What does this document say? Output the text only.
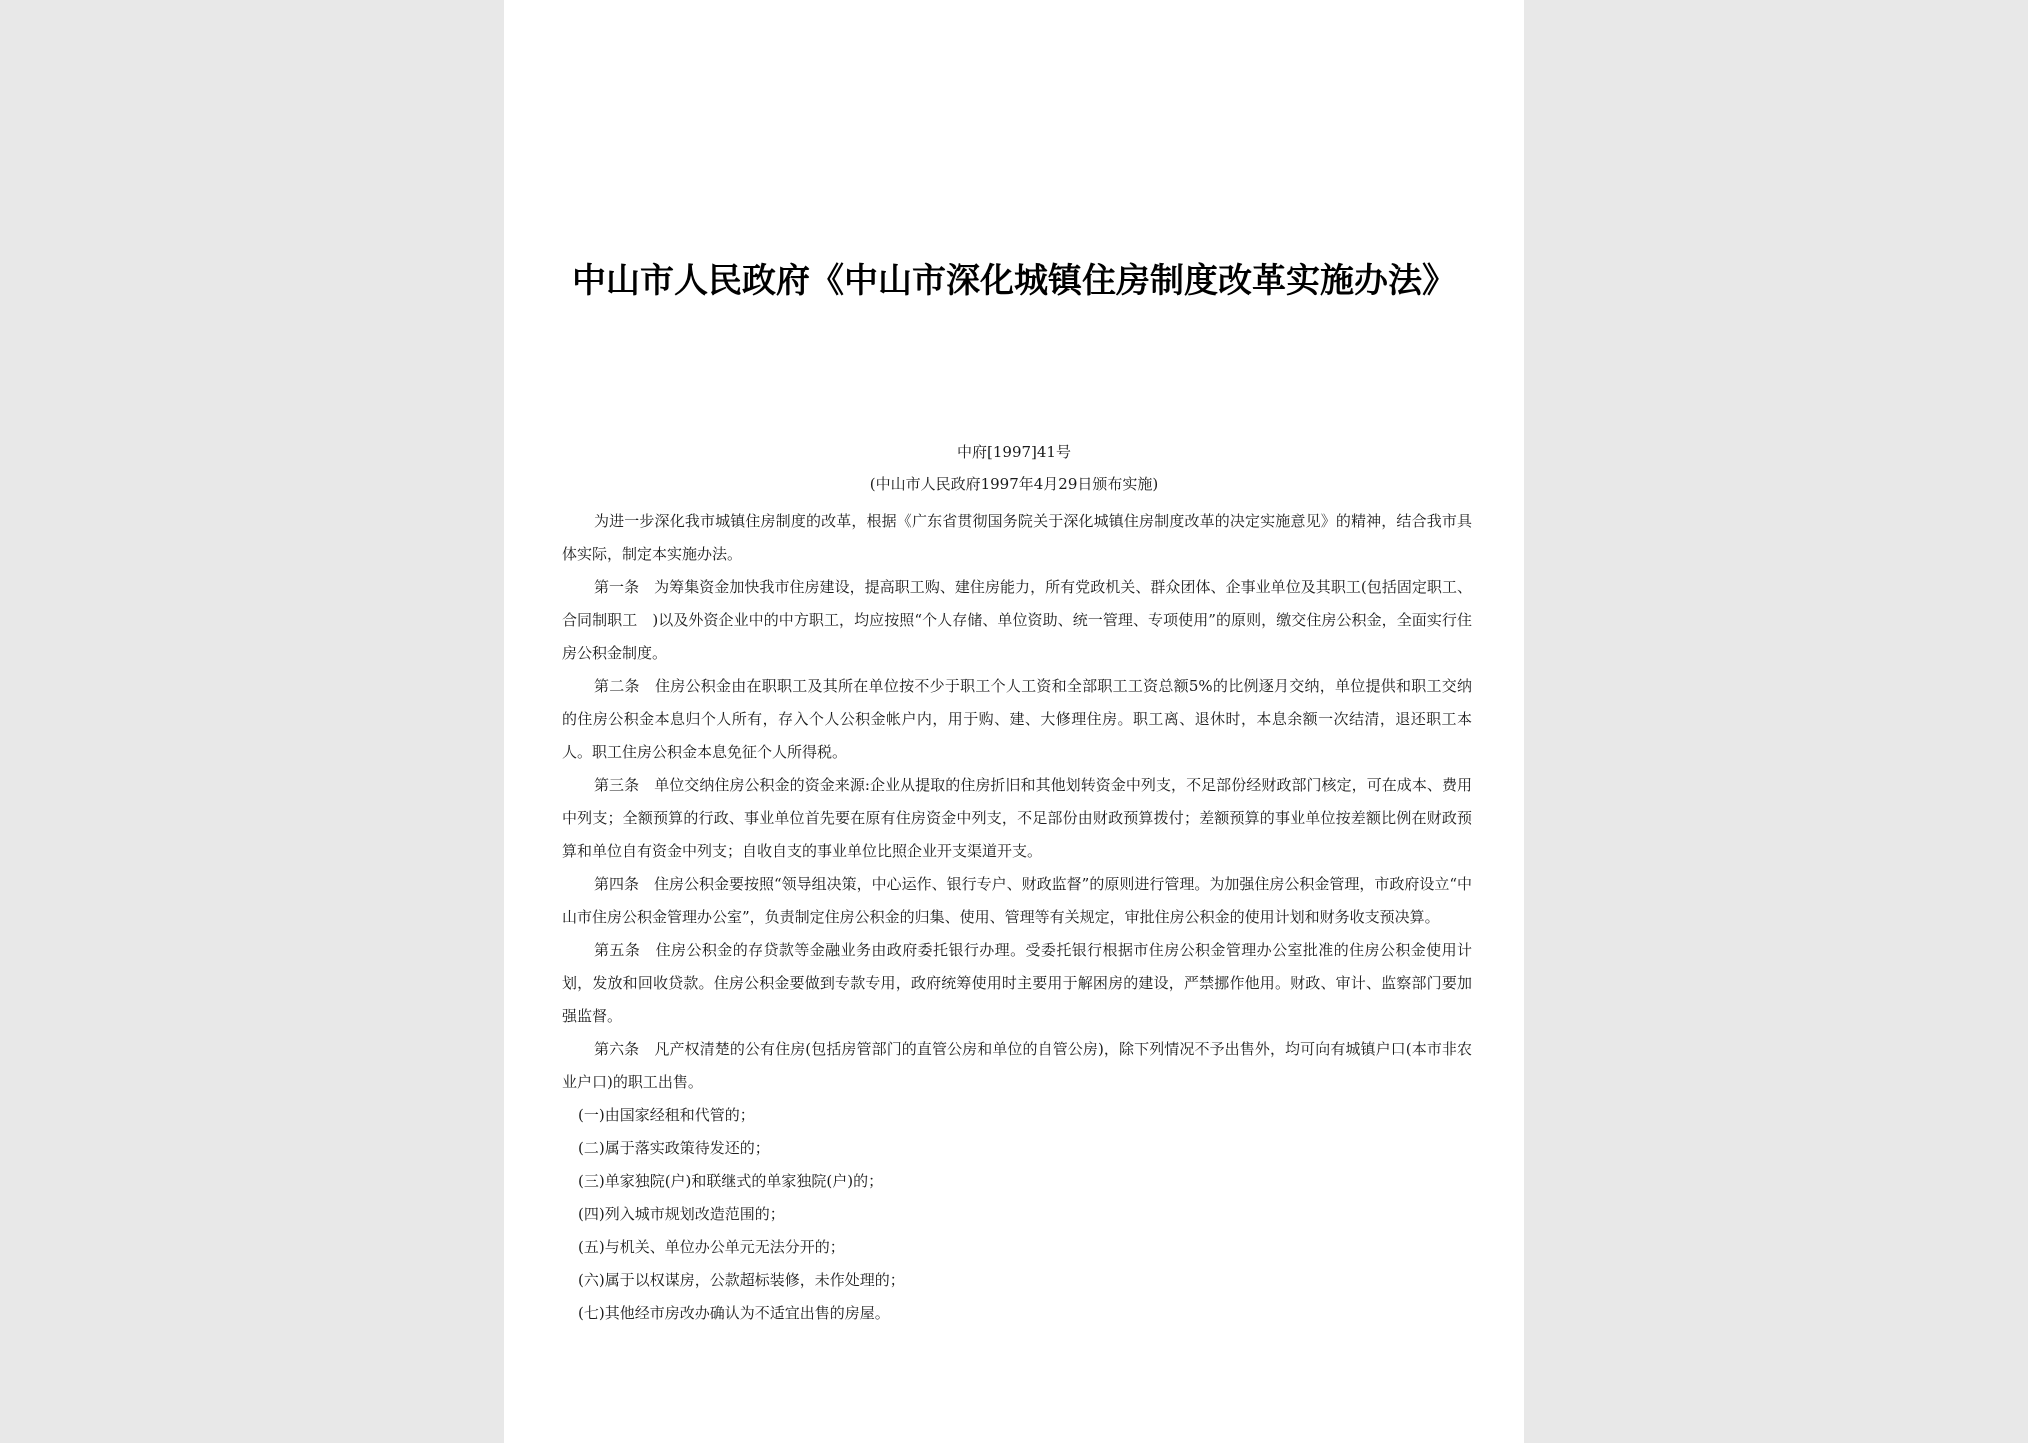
中山市人民政府《中山市深化城镇住房制度改革实施办法》
中府[1997]41号
(中山市人民政府1997年4月29日颁布实施)

为进一步深化我市城镇住房制度的改革，根据《广东省贯彻国务院关于深化城镇住房制度改革的决定实施意见》的精神，结合我市具体实际，制定本实施办法。

第一条　为筹集资金加快我市住房建设，提高职工购、建住房能力，所有党政机关、群众团体、企事业单位及其职工(包括固定职工、合同制职工　)以及外资企业中的中方职工，均应按照“个人存储、单位资助、统一管理、专项使用”的原则，缴交住房公积金，全面实行住房公积金制度。

第二条　住房公积金由在职职工及其所在单位按不少于职工个人工资和全部职工工资总额5%的比例逐月交纳，单位提供和职工交纳的住房公积金本息归个人所有，存入个人公积金帐户内，用于购、建、大修理住房。职工离、退休时，本息余额一次结清，退还职工本人。职工住房公积金本息免征个人所得税。

第三条　单位交纳住房公积金的资金来源:企业从提取的住房折旧和其他划转资金中列支，不足部份经财政部门核定，可在成本、费用中列支；全额预算的行政、事业单位首先要在原有住房资金中列支，不足部份由财政预算拨付；差额预算的事业单位按差额比例在财政预算和单位自有资金中列支；自收自支的事业单位比照企业开支渠道开支。

第四条　住房公积金要按照“领导组决策，中心运作、银行专户、财政监督”的原则进行管理。为加强住房公积金管理，市政府设立“中山市住房公积金管理办公室”，负责制定住房公积金的归集、使用、管理等有关规定，审批住房公积金的使用计划和财务收支预决算。

第五条　住房公积金的存贷款等金融业务由政府委托银行办理。受委托银行根据市住房公积金管理办公室批准的住房公积金使用计划，发放和回收贷款。住房公积金要做到专款专用，政府统筹使用时主要用于解困房的建设，严禁挪作他用。财政、审计、监察部门要加强监督。

第六条　凡产权清楚的公有住房(包括房管部门的直管公房和单位的自管公房)，除下列情况不予出售外，均可向有城镇户口(本市非农业户口)的职工出售。

(一)由国家经租和代管的；

(二)属于落实政策待发还的；

(三)单家独院(户)和联继式的单家独院(户)的；

(四)列入城市规划改造范围的；

(五)与机关、单位办公单元无法分开的；

(六)属于以权谋房，公款超标装修，未作处理的；

(七)其他经市房改办确认为不适宜出售的房屋。
